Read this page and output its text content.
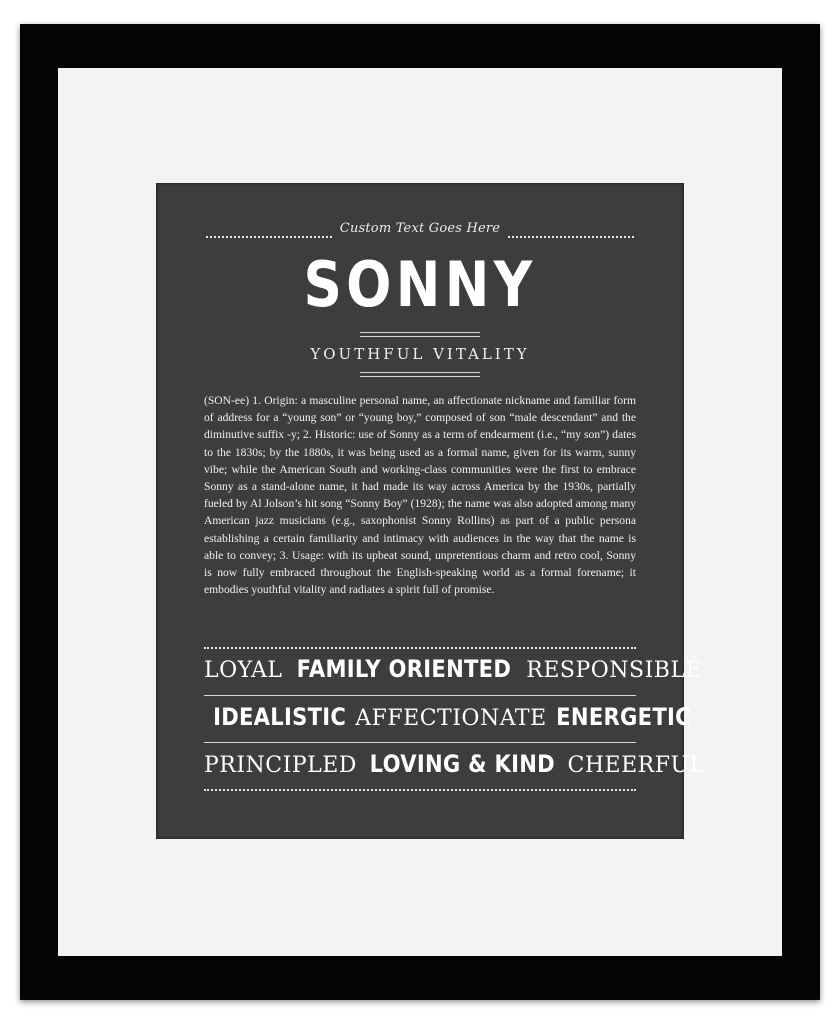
Custom Text Goes Here
SONNY
YOUTHFUL VITALITY
(SON-ee) 1. Origin: a masculine personal name, an affectionate nickname and familiar form of address for a “young son” or “young boy,” composed of son “male descendant” and the diminutive suffix -y; 2. Historic: use of Sonny as a term of endearment (i.e., “my son”) dates to the 1830s; by the 1880s, it was being used as a formal name, given for its warm, sunny vibe; while the American South and working-class communities were the first to embrace Sonny as a stand-alone name, it had made its way across America by the 1930s, partially fueled by Al Jolson’s hit song “Sonny Boy” (1928); the name was also adopted among many American jazz musicians (e.g., saxophonist Sonny Rollins) as part of a public persona establishing a certain familiarity and intimacy with audiences in the way that the name is able to convey; 3. Usage: with its upbeat sound, unpretentious charm and retro cool, Sonny is now fully embraced throughout the English-speaking world as a formal forename; it embodies youthful vitality and radiates a spirit full of promise.
LOYAL FAMILY ORIENTED RESPONSIBLE
IDEALISTIC AFFECTIONATE ENERGETIC
PRINCIPLED LOVING & KIND CHEERFUL
